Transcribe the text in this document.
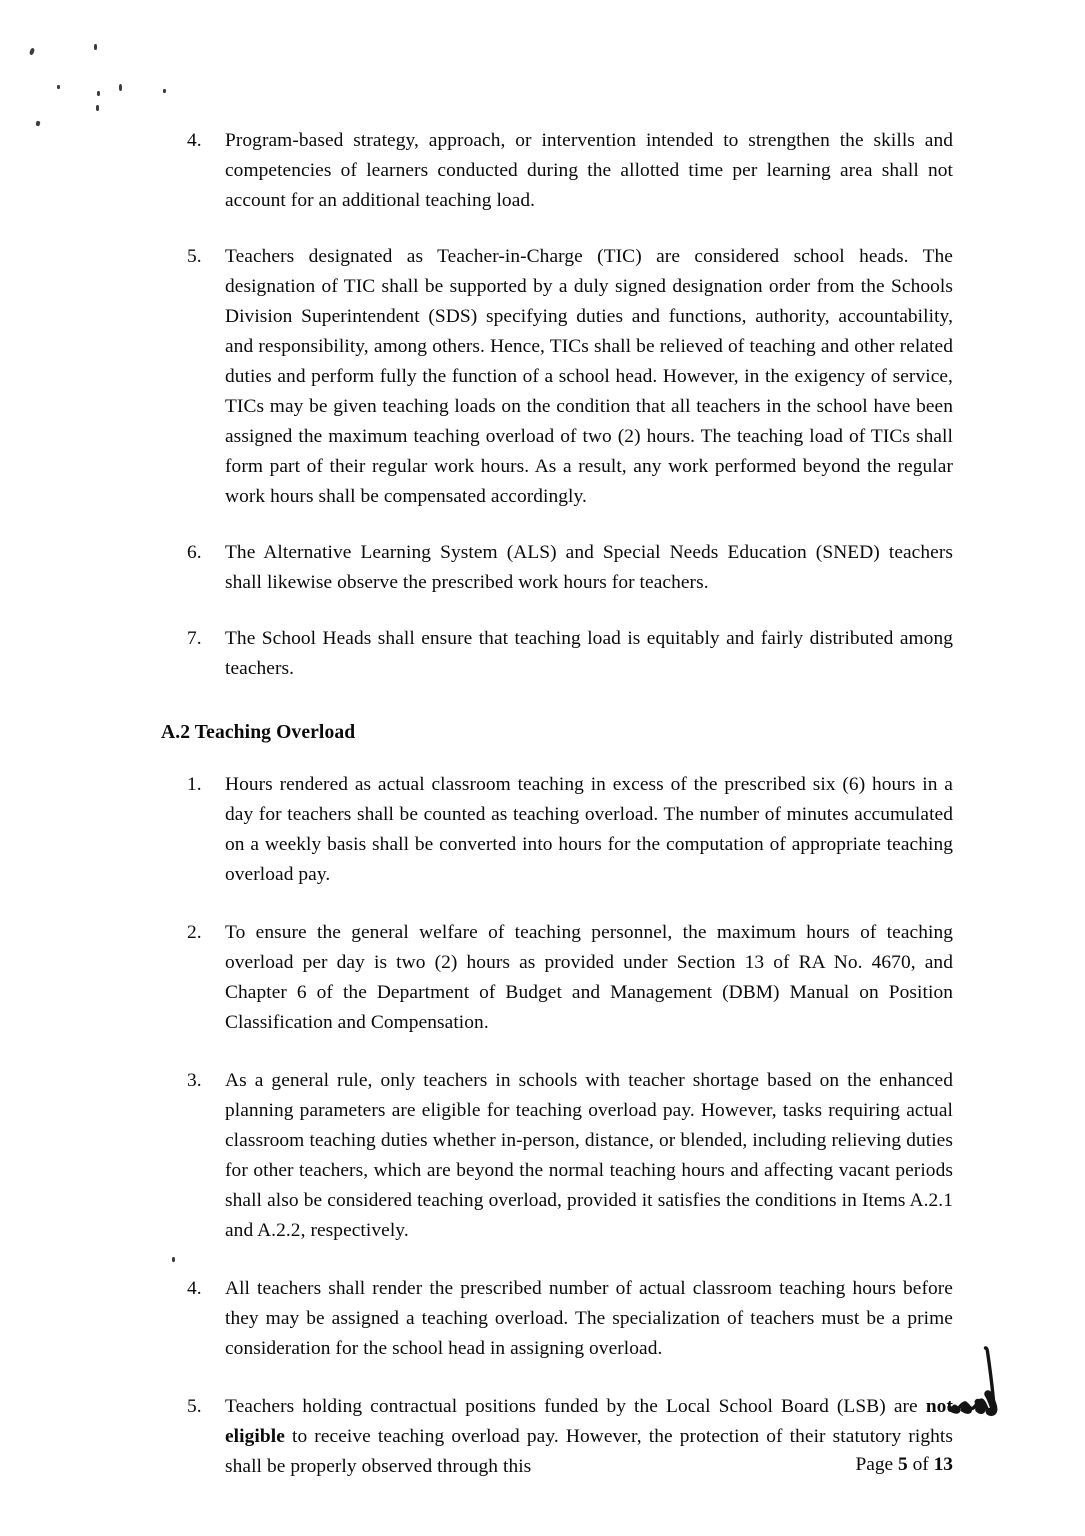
4.	Program-based strategy, approach, or intervention intended to strengthen the skills and competencies of learners conducted during the allotted time per learning area shall not account for an additional teaching load.
5.	Teachers designated as Teacher-in-Charge (TIC) are considered school heads. The designation of TIC shall be supported by a duly signed designation order from the Schools Division Superintendent (SDS) specifying duties and functions, authority, accountability, and responsibility, among others. Hence, TICs shall be relieved of teaching and other related duties and perform fully the function of a school head. However, in the exigency of service, TICs may be given teaching loads on the condition that all teachers in the school have been assigned the maximum teaching overload of two (2) hours. The teaching load of TICs shall form part of their regular work hours. As a result, any work performed beyond the regular work hours shall be compensated accordingly.
6.	The Alternative Learning System (ALS) and Special Needs Education (SNED) teachers shall likewise observe the prescribed work hours for teachers.
7.	The School Heads shall ensure that teaching load is equitably and fairly distributed among teachers.
A.2 Teaching Overload
1.	Hours rendered as actual classroom teaching in excess of the prescribed six (6) hours in a day for teachers shall be counted as teaching overload. The number of minutes accumulated on a weekly basis shall be converted into hours for the computation of appropriate teaching overload pay.
2.	To ensure the general welfare of teaching personnel, the maximum hours of teaching overload per day is two (2) hours as provided under Section 13 of RA No. 4670, and Chapter 6 of the Department of Budget and Management (DBM) Manual on Position Classification and Compensation.
3.	As a general rule, only teachers in schools with teacher shortage based on the enhanced planning parameters are eligible for teaching overload pay. However, tasks requiring actual classroom teaching duties whether in-person, distance, or blended, including relieving duties for other teachers, which are beyond the normal teaching hours and affecting vacant periods shall also be considered teaching overload, provided it satisfies the conditions in Items A.2.1 and A.2.2, respectively.
4.	All teachers shall render the prescribed number of actual classroom teaching hours before they may be assigned a teaching overload. The specialization of teachers must be a prime consideration for the school head in assigning overload.
5.	Teachers holding contractual positions funded by the Local School Board (LSB) are not eligible to receive teaching overload pay. However, the protection of their statutory rights shall be properly observed through this	Page 5 of 13
